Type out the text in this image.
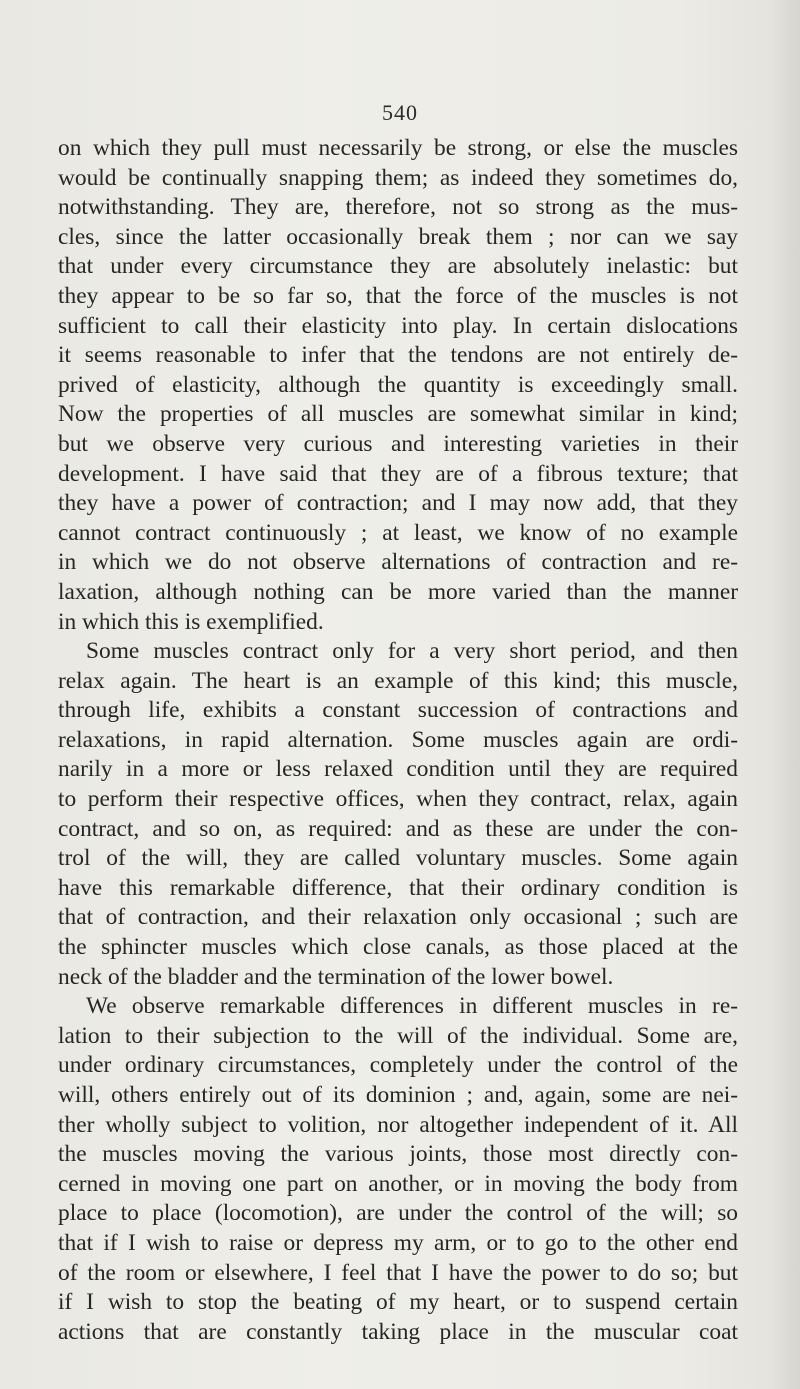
540
on which they pull must necessarily be strong, or else the muscles
would be continually snapping them; as indeed they sometimes do,
notwithstanding. They are, therefore, not so strong as the mus-
cles, since the latter occasionally break them ; nor can we say
that under every circumstance they are absolutely inelastic: but
they appear to be so far so, that the force of the muscles is not
sufficient to call their elasticity into play. In certain dislocations
it seems reasonable to infer that the tendons are not entirely de-
prived of elasticity, although the quantity is exceedingly small.
Now the properties of all muscles are somewhat similar in kind;
but we observe very curious and interesting varieties in their
development. I have said that they are of a fibrous texture; that
they have a power of contraction; and I may now add, that they
cannot contract continuously ; at least, we know of no example
in which we do not observe alternations of contraction and re-
laxation, although nothing can be more varied than the manner
in which this is exemplified.
Some muscles contract only for a very short period, and then
relax again. The heart is an example of this kind; this muscle,
through life, exhibits a constant succession of contractions and
relaxations, in rapid alternation. Some muscles again are ordi-
narily in a more or less relaxed condition until they are required
to perform their respective offices, when they contract, relax, again
contract, and so on, as required: and as these are under the con-
trol of the will, they are called voluntary muscles. Some again
have this remarkable difference, that their ordinary condition is
that of contraction, and their relaxation only occasional ; such are
the sphincter muscles which close canals, as those placed at the
neck of the bladder and the termination of the lower bowel.
We observe remarkable differences in different muscles in re-
lation to their subjection to the will of the individual. Some are,
under ordinary circumstances, completely under the control of the
will, others entirely out of its dominion ; and, again, some are nei-
ther wholly subject to volition, nor altogether independent of it. All
the muscles moving the various joints, those most directly con-
cerned in moving one part on another, or in moving the body from
place to place (locomotion), are under the control of the will; so
that if I wish to raise or depress my arm, or to go to the other end
of the room or elsewhere, I feel that I have the power to do so; but
if I wish to stop the beating of my heart, or to suspend certain
actions that are constantly taking place in the muscular coat
